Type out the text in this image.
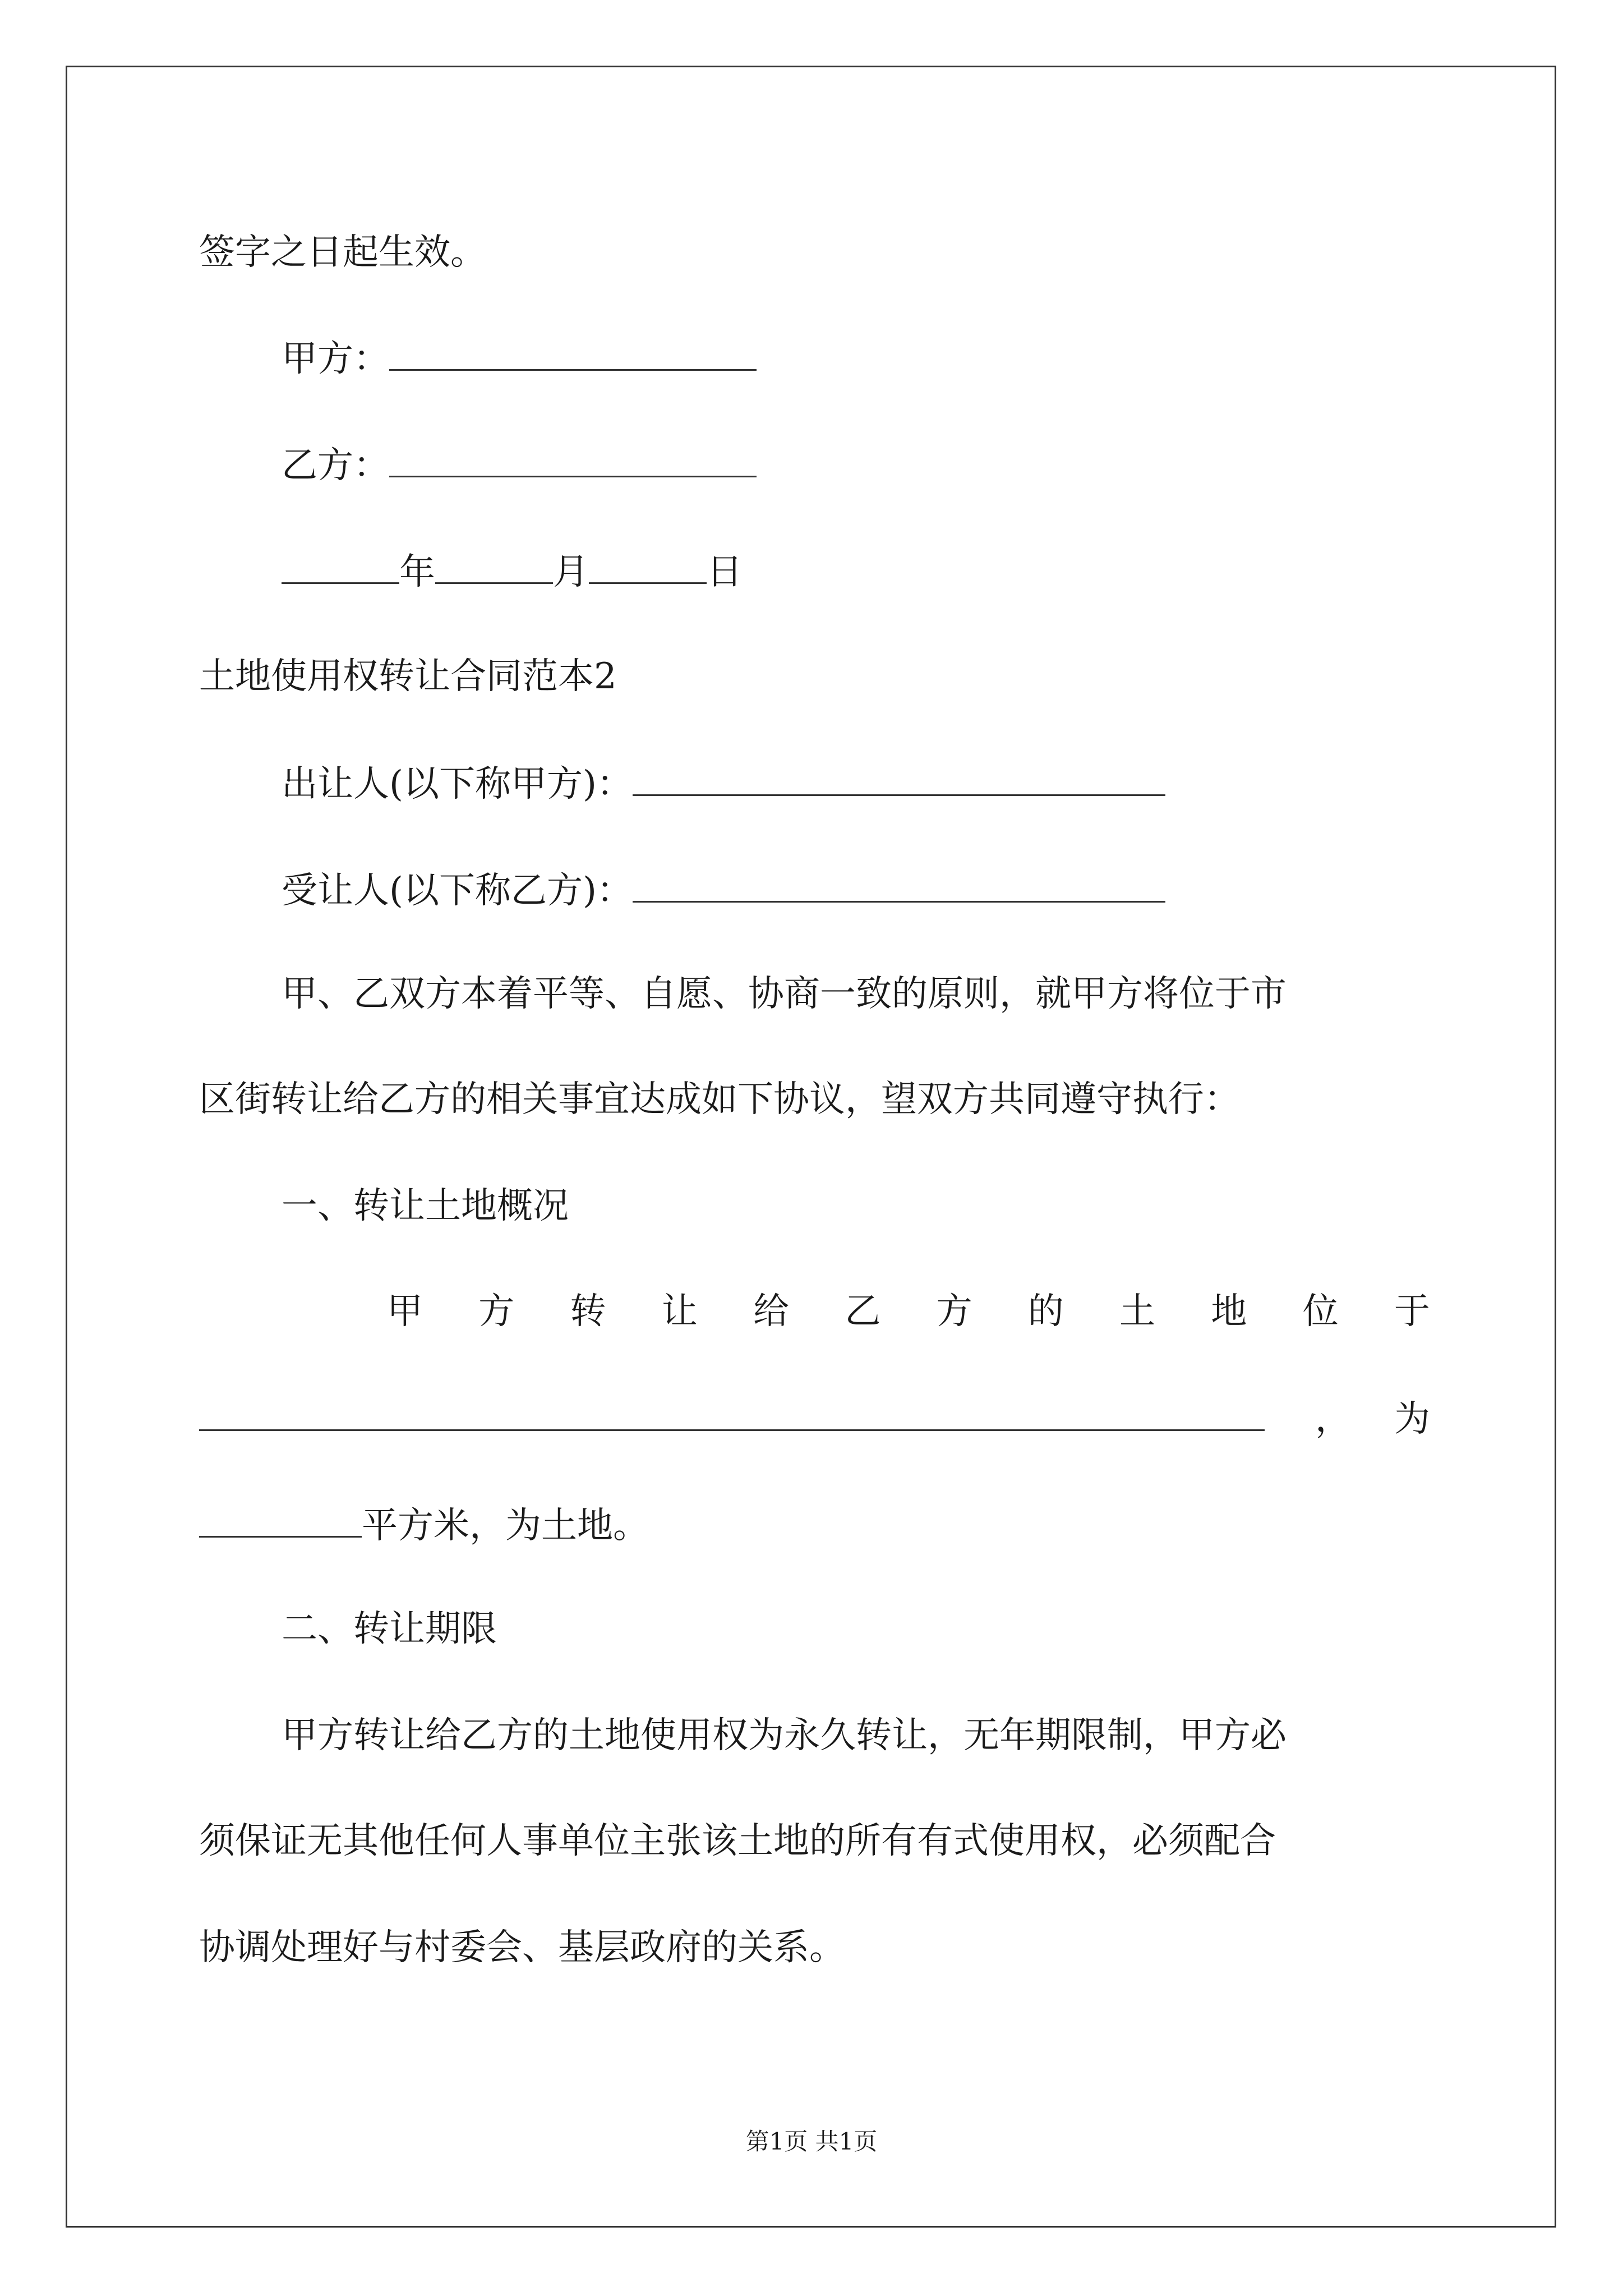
签字之日起生效。
甲方：
乙方：
年	月	日
土地使用权转让合同范本2
出让人(以下称甲方)：
受让人(以下称乙方)：
甲、乙双方本着平等、自愿、协商一致的原则，就甲方将位于市
区街转让给乙方的相关事宜达成如下协议，望双方共同遵守执行：
一、转让土地概况
甲 方 转 让 给 乙 方 的 土 地 位 于
， 为
平方米，为土地。
二、转让期限
甲方转让给乙方的土地使用权为永久转让，无年期限制，甲方必
须保证无其他任何人事单位主张该土地的所有有式使用权，必须配合
协调处理好与村委会、基层政府的关系。
第1页 共1页
